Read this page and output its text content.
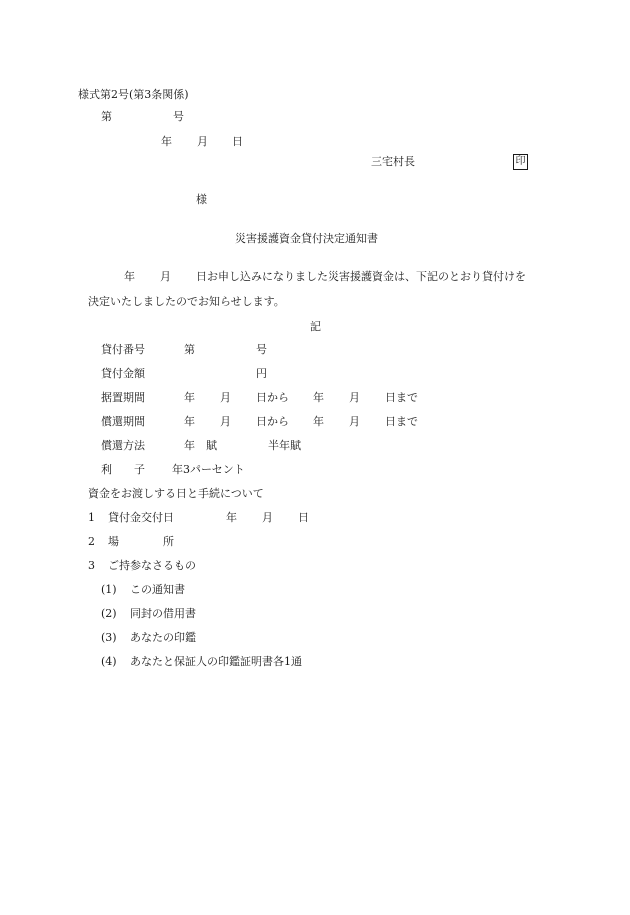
様式第2号(第3条関係)
第	号
年 月 日
三宅村長	印
様
災害援護資金貸付決定通知書
年 月 日お申し込みになりました災害援護資金は、下記のとおり貸付けを
決定いたしましたのでお知らせします。
記
貸付番号	第	号
貸付金額	円
据置期間	年 月 日から 年 月 日まで
償還期間	年 月 日から 年 月 日まで
償還方法	年　賦	半年賦
利　　子 年3パーセント
資金をお渡しする日と手続について
1 貸付金交付日	年 月 日
2 場　　　　所
3 ご持参なさるもの
(1) この通知書
(2) 同封の借用書
(3) あなたの印鑑
(4) あなたと保証人の印鑑証明書各1通
